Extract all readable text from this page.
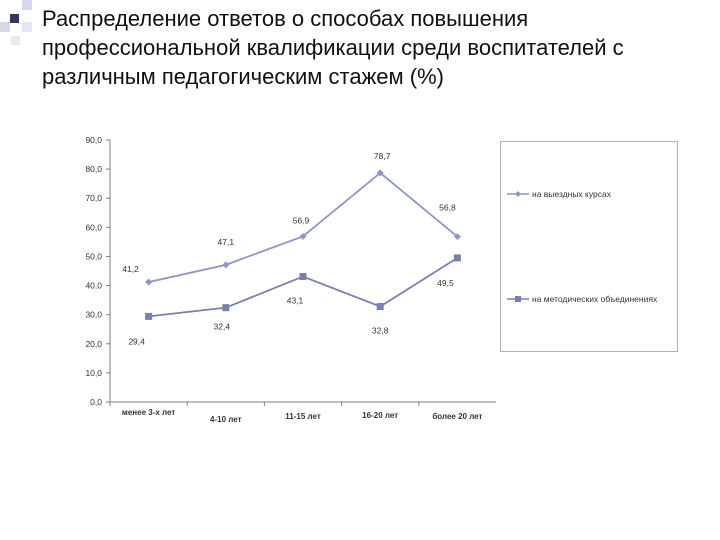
Распределение ответов о способах повышения профессиональной квалификации среди воспитателей с различным педагогическим стажем (%)
0,0
10,0
20,0
30,0
40,0
50,0
60,0
70,0
80,0
90,0
менее 3-х лет
4-10 лет	11-15 лет	16-20 лет	более 20 лет
41,2
47,1
56,9
78,7
56,8
29,4
32,4
43,1
32,8
49,5
на выездных курсах
на методических объединениях
